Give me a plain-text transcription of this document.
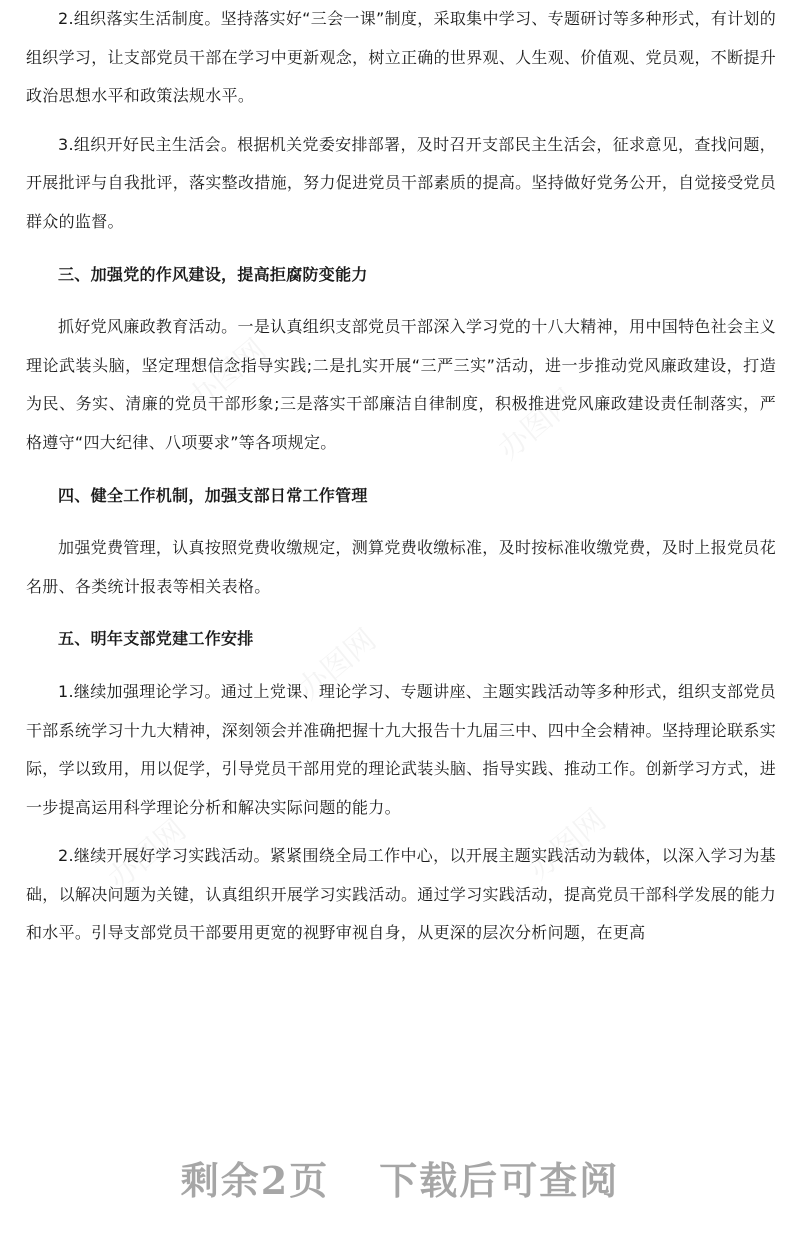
2.组织落实生活制度。坚持落实好“三会一课”制度，采取集中学习、专题研讨等多种形式，有计划的组织学习，让支部党员干部在学习中更新观念，树立正确的世界观、人生观、价值观、党员观，不断提升政治思想水平和政策法规水平。

3.组织开好民主生活会。根据机关党委安排部署，及时召开支部民主生活会，征求意见，查找问题，开展批评与自我批评，落实整改措施，努力促进党员干部素质的提高。坚持做好党务公开，自觉接受党员群众的监督。

三、加强党的作风建设，提高拒腐防变能力

抓好党风廉政教育活动。一是认真组织支部党员干部深入学习党的十八大精神，用中国特色社会主义理论武装头脑，坚定理想信念指导实践;二是扎实开展“三严三实”活动，进一步推动党风廉政建设，打造为民、务实、清廉的党员干部形象;三是落实干部廉洁自律制度，积极推进党风廉政建设责任制落实，严格遵守“四大纪律、八项要求”等各项规定。

四、健全工作机制，加强支部日常工作管理

加强党费管理，认真按照党费收缴规定，测算党费收缴标准，及时按标准收缴党费，及时上报党员花名册、各类统计报表等相关表格。

五、明年支部党建工作安排

1.继续加强理论学习。通过上党课、理论学习、专题讲座、主题实践活动等多种形式，组织支部党员干部系统学习十九大精神，深刻领会并准确把握十九大报告十九届三中、四中全会精神。坚持理论联系实际，学以致用，用以促学，引导党员干部用党的理论武装头脑、指导实践、推动工作。创新学习方式，进一步提高运用科学理论分析和解决实际问题的能力。

2.继续开展好学习实践活动。紧紧围绕全局工作中心，以开展主题实践活动为载体，以深入学习为基础，以解决问题为关键，认真组织开展学习实践活动。通过学习实践活动，提高党员干部科学发展的能力和水平。引导支部党员干部要用更宽的视野审视自身，从更深的层次分析问题，在更高

剩余2页 下载后可查阅
